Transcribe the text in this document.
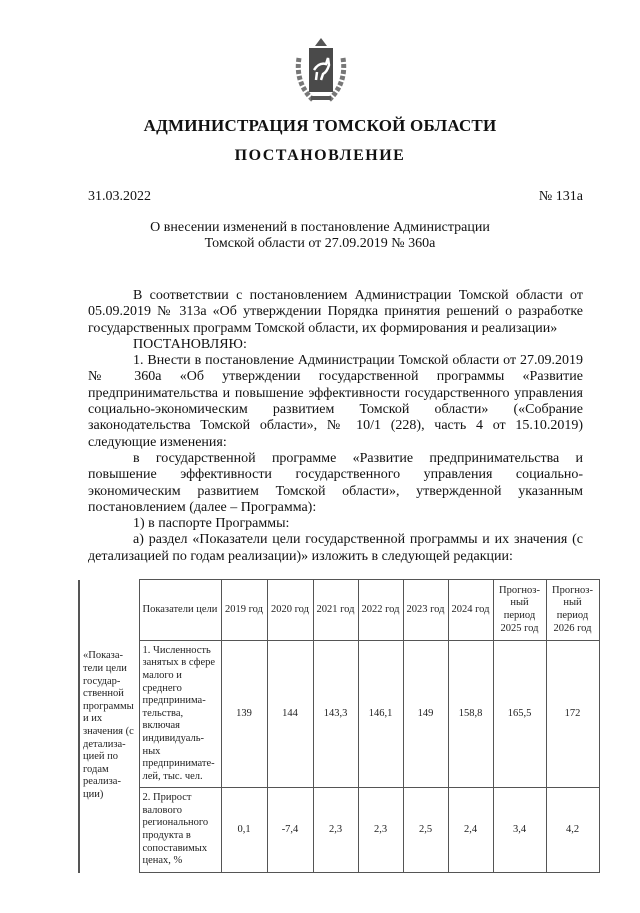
АДМИНИСТРАЦИЯ ТОМСКОЙ ОБЛАСТИ
ПОСТАНОВЛЕНИЕ
31.03.2022	№ 131а
О внесении изменений в постановление Администрации
Томской области от 27.09.2019 № 360а

В соответствии с постановлением Администрации Томской области от 05.09.2019 № 313а «Об утверждении Порядка принятия решений о разработке государственных программ Томской области, их формирования и реализации»

ПОСТАНОВЛЯЮ:

1. Внести в постановление Администрации Томской области от 27.09.2019 № 360а «Об утверждении государственной программы «Развитие предпринимательства и повышение эффективности государственного управления социально-экономическим развитием Томской области» («Собрание законодательства Томской области», № 10/1 (228), часть 4 от 15.10.2019) следующие изменения:

в государственной программе «Развитие предпринимательства и повышение эффективности государственного управления социально-экономическим развитием Томской области», утвержденной указанным постановлением (далее – Программа):

1) в паспорте Программы:

а) раздел «Показатели цели государственной программы и их значения (с детализацией по годам реализации)» изложить в следующей редакции:

«Показа-тели цели государ-ственной программы и их значения (с детализа-цией по годам реализа-ции)	Показатели цели	2019 год	2020 год	2021 год	2022 год	2023 год	2024 год	Прогноз-ный период 2025 год	Прогноз-ный период 2026 год
	1. Численность занятых в сфере малого и среднего предпринима-тельства, включая индивидуаль-ных предпринимате-лей, тыс. чел.	139	144	143,3	146,1	149	158,8	165,5	172
	2. Прирост валового регионального продукта в сопоставимых ценах, %	0,1	-7,4	2,3	2,3	2,5	2,4	3,4	4,2
